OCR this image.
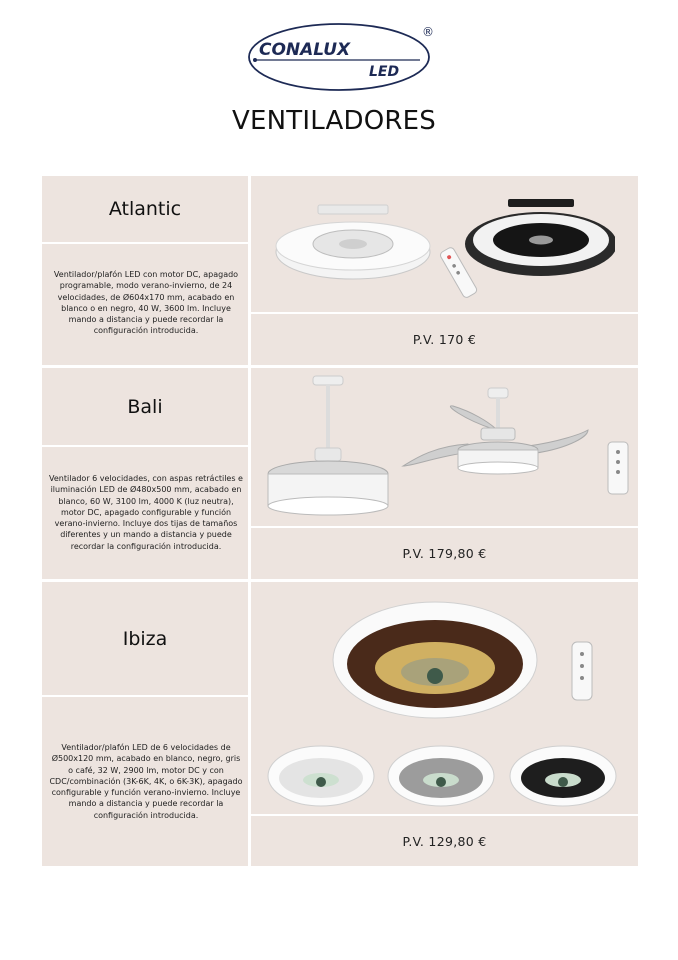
CONALUX
LED
®
VENTILADORES
Atlantic
Ventilador/plafón LED con motor DC, apagado programable, modo verano-invierno, de 24 velocidades, de Ø604x170 mm, acabado en blanco o en negro, 40 W, 3600 lm. Incluye mando a distancia y puede recordar la configuración introducida.
P.V. 170 €
Bali
Ventilador 6 velocidades, con aspas retráctiles e iluminación LED de Ø480x500 mm, acabado en blanco, 60 W, 3100 lm, 4000 K (luz neutra), motor DC, apagado configurable y función verano-invierno. Incluye dos tijas de tamaños diferentes y un mando a distancia y puede recordar la configuración introducida.	P.V. 179,80 €
Ibiza
Ventilador/plafón LED de 6 velocidades de Ø500x120 mm, acabado en blanco, negro, gris o café, 32 W, 2900 lm, motor DC y con CDC/combinación (3K-6K, 4K, o 6K-3K), apagado configurable y función verano-invierno. Incluye mando a distancia y puede recordar la configuración introducida.
P.V. 129,80 €
